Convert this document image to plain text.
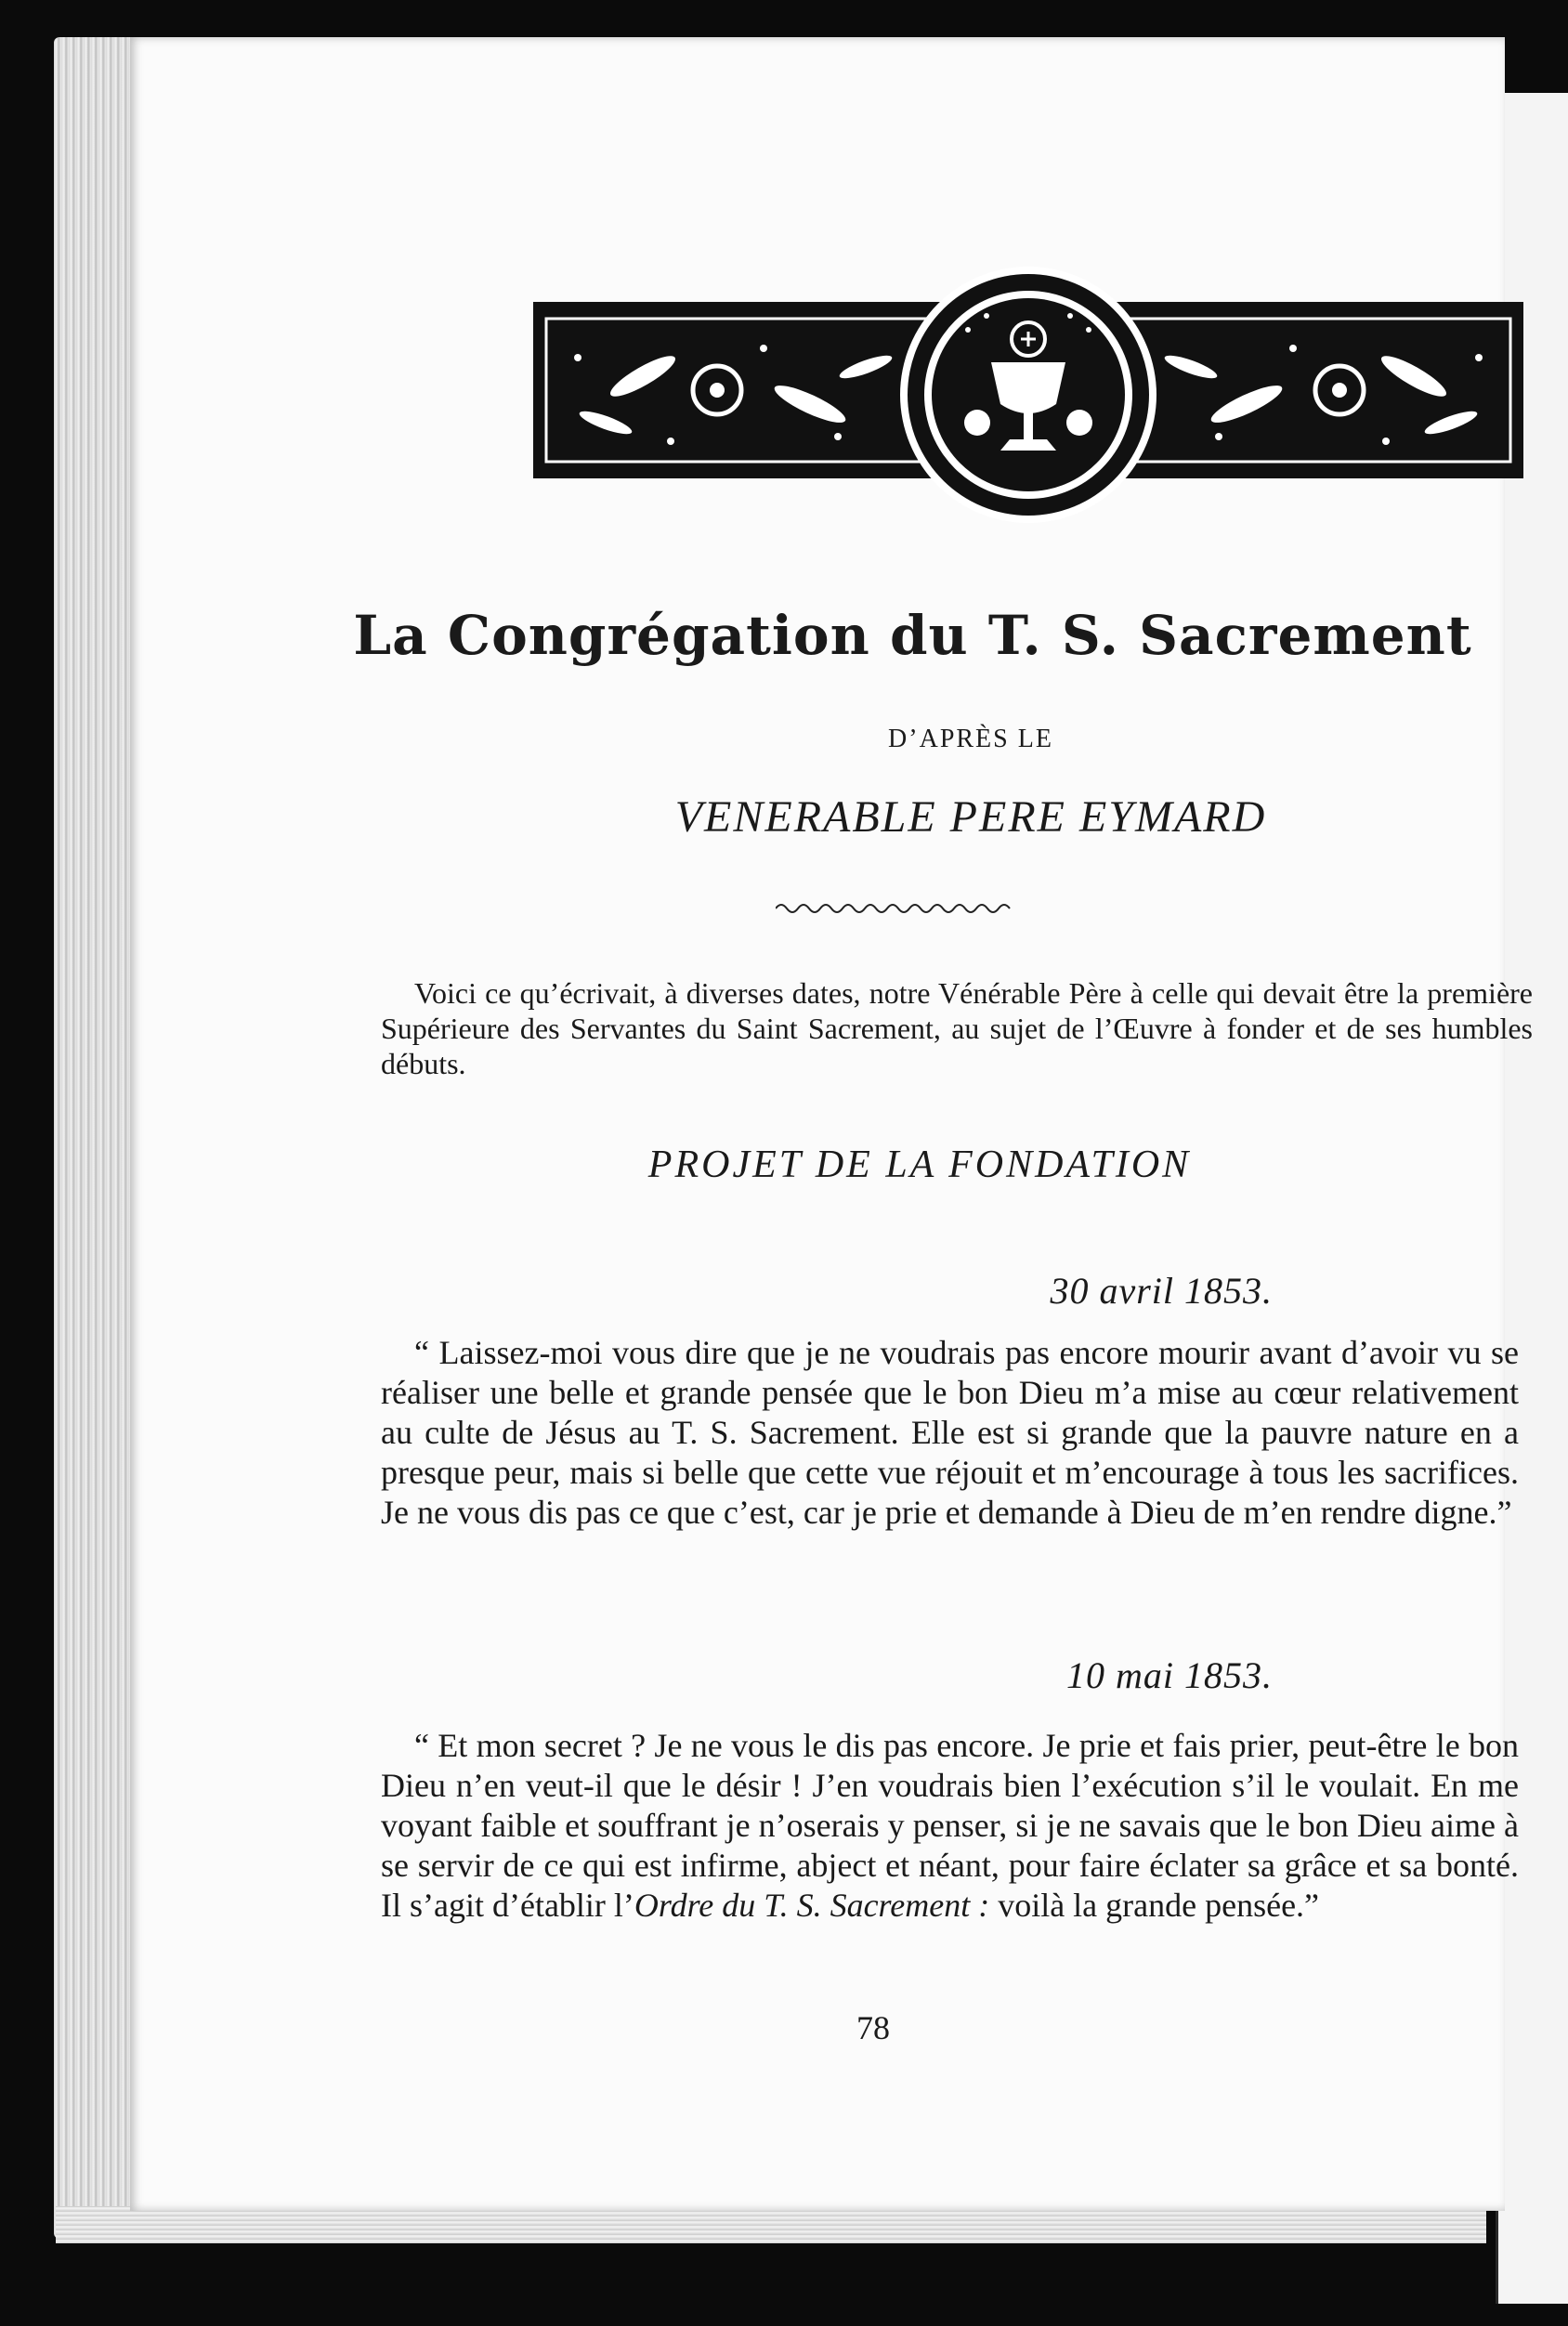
La Congrégation du T. S. Sacrement
D’APRÈS LE
VENERABLE PERE EYMARD
Voici ce qu’écrivait, à diverses dates, notre Vénérable Père à celle qui devait être la première Supérieure des Servantes du Saint Sacrement, au sujet de l’Œuvre à fonder et de ses humbles débuts.
PROJET DE LA FONDATION
30 avril 1853.

“ Laissez-moi vous dire que je ne voudrais pas encore mourir avant d’avoir vu se réaliser une belle et grande pensée que le bon Dieu m’a mise au cœur relativement au culte de Jésus au T. S. Sacrement. Elle est si grande que la pauvre nature en a presque peur, mais si belle que cette vue réjouit et m’encourage à tous les sacrifices. Je ne vous dis pas ce que c’est, car je prie et demande à Dieu de m’en rendre digne.”

10 mai 1853.

“ Et mon secret ? Je ne vous le dis pas encore. Je prie et fais prier, peut-être le bon Dieu n’en veut-il que le désir ! J’en voudrais bien l’exécution s’il le voulait. En me voyant faible et souffrant je n’oserais y penser, si je ne savais que le bon Dieu aime à se servir de ce qui est infirme, abject et néant, pour faire éclater sa grâce et sa bonté. Il s’agit d’établir l’Ordre du T. S. Sacrement : voilà la grande pensée.”

78
